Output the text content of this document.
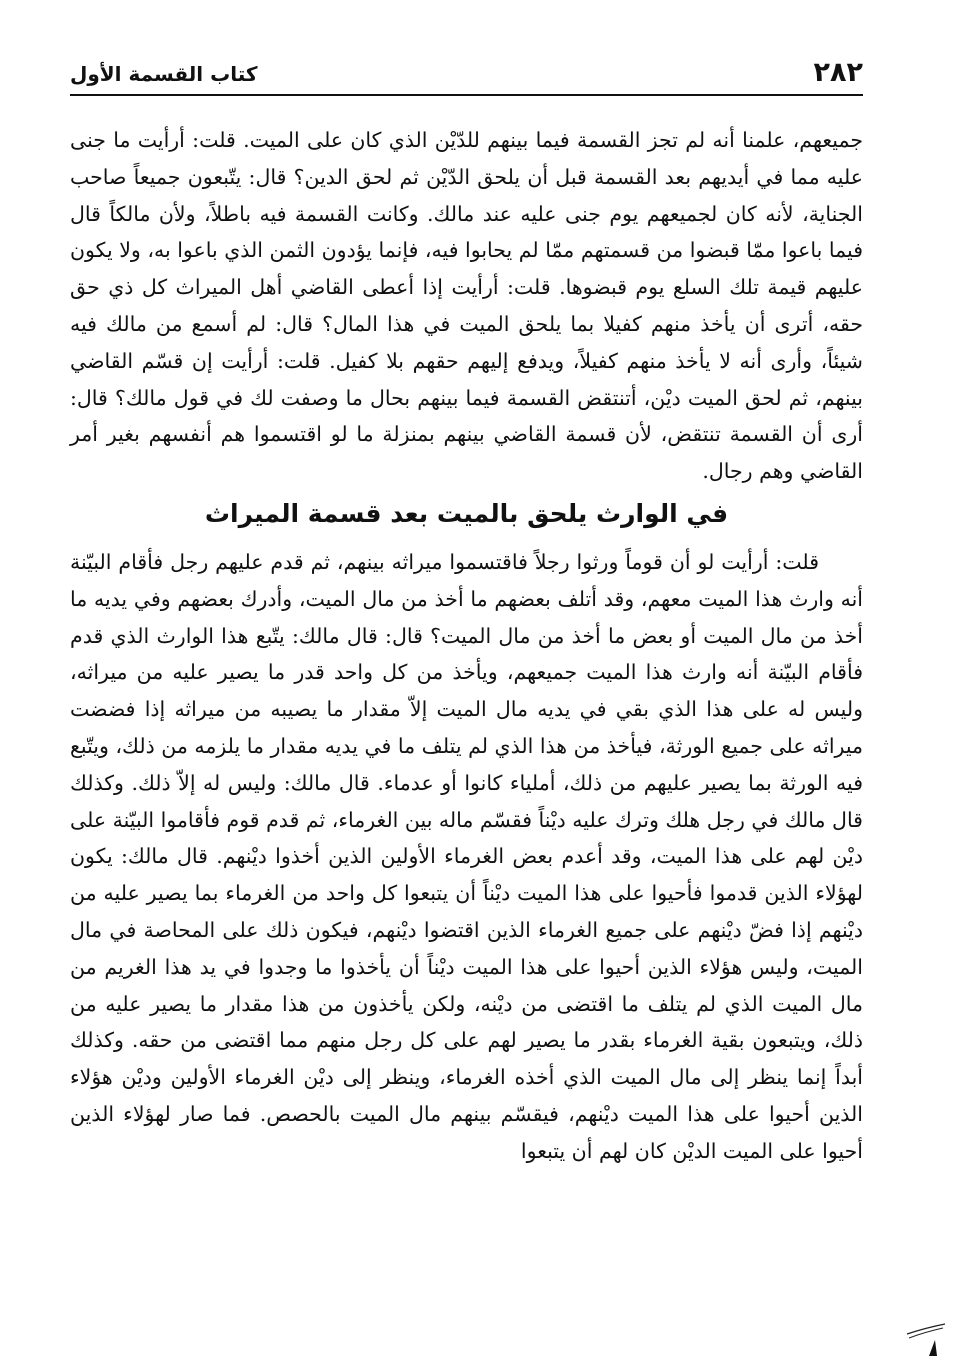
٢٨٢
كتاب القسمة الأول

جميعهم، علمنا أنه لم تجز القسمة فيما بينهم للدّيْن الذي كان على الميت. قلت: أرأيت ما جنى عليه مما في أيديهم بعد القسمة قبل أن يلحق الدّيْن ثم لحق الدين؟ قال: يتّبعون جميعاً صاحب الجناية، لأنه كان لجميعهم يوم جنى عليه عند مالك. وكانت القسمة فيه باطلاً، ولأن مالكاً قال فيما باعوا ممّا قبضوا من قسمتهم ممّا لم يحابوا فيه، فإنما يؤدون الثمن الذي باعوا به، ولا يكون عليهم قيمة تلك السلع يوم قبضوها. قلت: أرأيت إذا أعطى القاضي أهل الميراث كل ذي حق حقه، أترى أن يأخذ منهم كفيلا بما يلحق الميت في هذا المال؟ قال: لم أسمع من مالك فيه شيئاً، وأرى أنه لا يأخذ منهم كفيلاً، ويدفع إليهم حقهم بلا كفيل. قلت: أرأيت إن قسّم القاضي بينهم، ثم لحق الميت ديْن، أتنتقض القسمة فيما بينهم بحال ما وصفت لك في قول مالك؟ قال: أرى أن القسمة تنتقض، لأن قسمة القاضي بينهم بمنزلة ما لو اقتسموا هم أنفسهم بغير أمر القاضي وهم رجال.

في الوارث يلحق بالميت بعد قسمة الميراث

قلت: أرأيت لو أن قوماً ورثوا رجلاً فاقتسموا ميراثه بينهم، ثم قدم عليهم رجل فأقام البيّنة أنه وارث هذا الميت معهم، وقد أتلف بعضهم ما أخذ من مال الميت، وأدرك بعضهم وفي يديه ما أخذ من مال الميت أو بعض ما أخذ من مال الميت؟ قال: قال مالك: يتّبع هذا الوارث الذي قدم فأقام البيّنة أنه وارث هذا الميت جميعهم، ويأخذ من كل واحد قدر ما يصير عليه من ميراثه، وليس له على هذا الذي بقي في يديه مال الميت إلاّ مقدار ما يصيبه من ميراثه إذا فضضت ميراثه على جميع الورثة، فيأخذ من هذا الذي لم يتلف ما في يديه مقدار ما يلزمه من ذلك، ويتّبع فيه الورثة بما يصير عليهم من ذلك، أملياء كانوا أو عدماء. قال مالك: وليس له إلاّ ذلك. وكذلك قال مالك في رجل هلك وترك عليه ديْناً فقسّم ماله بين الغرماء، ثم قدم قوم فأقاموا البيّنة على ديْن لهم على هذا الميت، وقد أعدم بعض الغرماء الأولين الذين أخذوا ديْنهم. قال مالك: يكون لهؤلاء الذين قدموا فأحيوا على هذا الميت ديْناً أن يتبعوا كل واحد من الغرماء بما يصير عليه من ديْنهم إذا فضّ ديْنهم على جميع الغرماء الذين اقتضوا ديْنهم، فيكون ذلك على المحاصة في مال الميت، وليس هؤلاء الذين أحيوا على هذا الميت ديْناً أن يأخذوا ما وجدوا في يد هذا الغريم من مال الميت الذي لم يتلف ما اقتضى من ديْنه، ولكن يأخذون من هذا مقدار ما يصير عليه من ذلك، ويتبعون بقية الغرماء بقدر ما يصير لهم على كل رجل منهم مما اقتضى من حقه. وكذلك أبداً إنما ينظر إلى مال الميت الذي أخذه الغرماء، وينظر إلى ديْن الغرماء الأولين وديْن هؤلاء الذين أحيوا على هذا الميت ديْنهم، فيقسّم بينهم مال الميت بالحصص. فما صار لهؤلاء الذين أحيوا على الميت الديْن كان لهم أن يتبعوا
